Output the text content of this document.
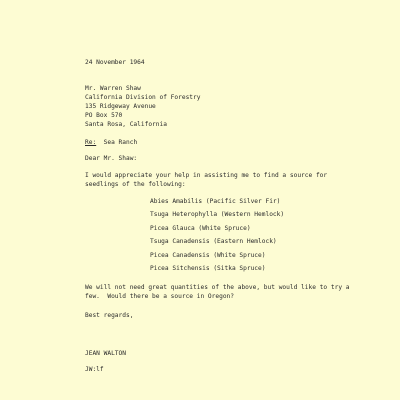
24 November 1964
Mr. Warren Shaw
California Division of Forestry
135 Ridgeway Avenue
PO Box 570
Santa Rosa, California
Re: Sea Ranch
Dear Mr. Shaw:
I would appreciate your help in assisting me to find a source for seedlings of the following:
Abies Amabilis (Pacific Silver Fir)
Tsuga Heterophylla (Western Hemlock)
Picea Glauca (White Spruce)
Tsuga Canadensis (Eastern Hemlock)
Picea Canadensis (White Spruce)
Picea Sitchensis (Sitka Spruce)
We will not need great quantities of the above, but would like to try a few.  Would there be a source in Oregon?
Best regards,
JEAN WALTON
JW:lf
